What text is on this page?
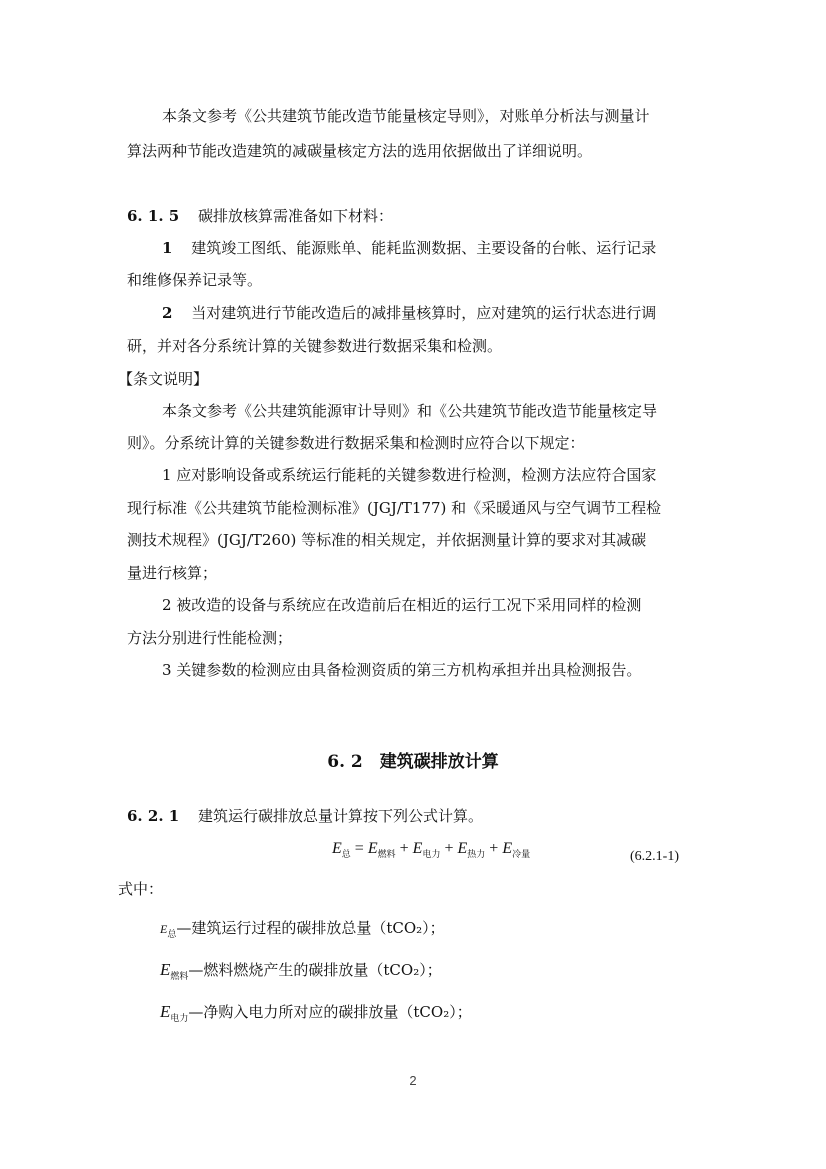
本条文参考《公共建筑节能改造节能量核定导则》，对账单分析法与测量计
算法两种节能改造建筑的减碳量核定方法的选用依据做出了详细说明。
6. 1. 5 碳排放核算需准备如下材料：
1 建筑竣工图纸、能源账单、能耗监测数据、主要设备的台帐、运行记录
和维修保养记录等。
2 当对建筑进行节能改造后的减排量核算时，应对建筑的运行状态进行调
研，并对各分系统计算的关键参数进行数据采集和检测。
【条文说明】
本条文参考《公共建筑能源审计导则》和《公共建筑节能改造节能量核定导
则》。分系统计算的关键参数进行数据采集和检测时应符合以下规定：
1 应对影响设备或系统运行能耗的关键参数进行检测，检测方法应符合国家
现行标准《公共建筑节能检测标准》(JGJ/T177) 和《采暖通风与空气调节工程检
测技术规程》(JGJ/T260) 等标准的相关规定，并依据测量计算的要求对其减碳
量进行核算；
2 被改造的设备与系统应在改造前后在相近的运行工况下采用同样的检测
方法分别进行性能检测；
3 关键参数的检测应由具备检测资质的第三方机构承担并出具检测报告。
6. 2　建筑碳排放计算
6. 2. 1 建筑运行碳排放总量计算按下列公式计算。
$E_总 = E_{燃料} + E_{电力} + E_{热力} + E_{冷量}$	(6.2.1-1)
式中：
$E_总—$建筑运行过程的碳排放总量（tCO₂）；
$E_{燃料}—$燃料燃烧产生的碳排放量（tCO₂）；
$E_{电力}—$净购入电力所对应的碳排放量（tCO₂）；
2
